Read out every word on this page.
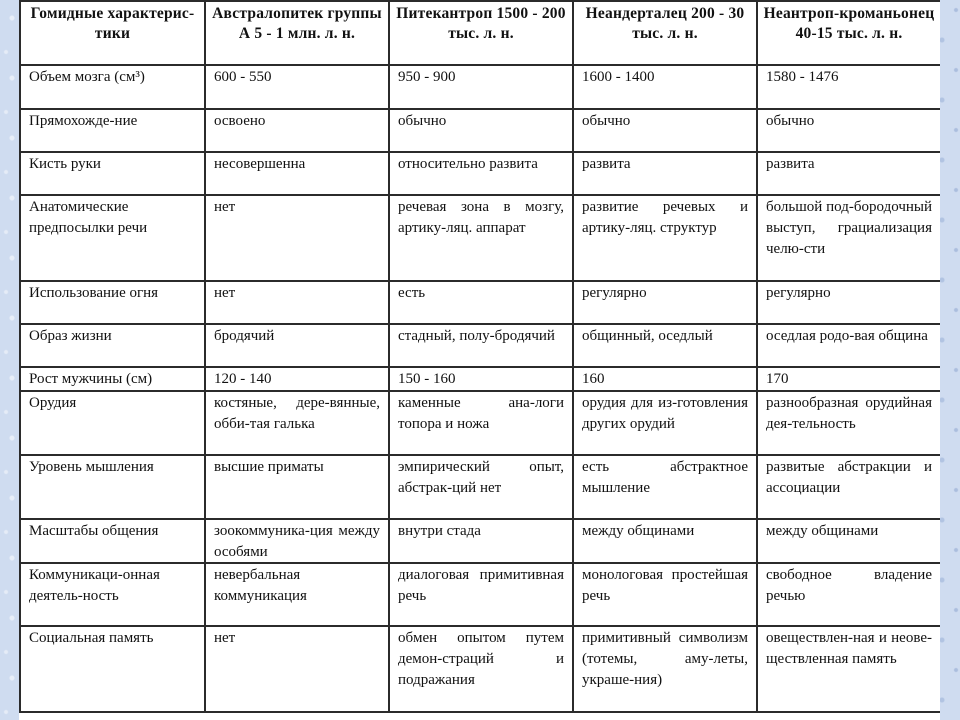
Гомидные характерис-тики	Австралопитек группы А 5 - 1 млн. л. н.	Питекантроп 1500 - 200 тыс. л. н.	Неандерталец 200 - 30 тыс. л. н.	Неантроп-кроманьонец 40-15 тыс. л. н.
Объем мозга (см³)	600 - 550	950 - 900	1600 - 1400	1580 - 1476
Прямохожде-ние	освоено	обычно	обычно	обычно
Кисть руки	несовершенна	относительно развита	развита	развита
Анатомические предпосылки речи	нет	речевая зона в мозгу, артику-ляц. аппарат	развитие речевых и артику-ляц. структур	большой под-бородочный выступ, грациализация челю-сти
Использование огня	нет	есть	регулярно	регулярно
Образ жизни	бродячий	стадный, полу-бродячий	общинный, оседлый	оседлая родо-вая община
Рост мужчины (см)	120 - 140	150 - 160	160	170
Орудия	костяные, дере-вянные, обби-тая галька	каменные ана-логи топора и ножа	орудия для из-готовления других орудий	разнообразная орудийная дея-тельность
Уровень мышления	высшие приматы	эмпирический опыт, абстрак-ций нет	есть абстрактное мышление	развитые абстракции и ассоциации
Масштабы общения	зоокоммуника-ция между особями	внутри стада	между общинами	между общинами
Коммуникаци-онная деятель-ность	невербальная коммуникация	диалоговая примитивная речь	монологовая простейшая речь	свободное владение речью
Социальная память	нет	обмен опытом путем демон-страций и подражания	примитивный символизм (тотемы, аму-леты, украше-ния)	овеществлен-ная и неове-ществленная память
